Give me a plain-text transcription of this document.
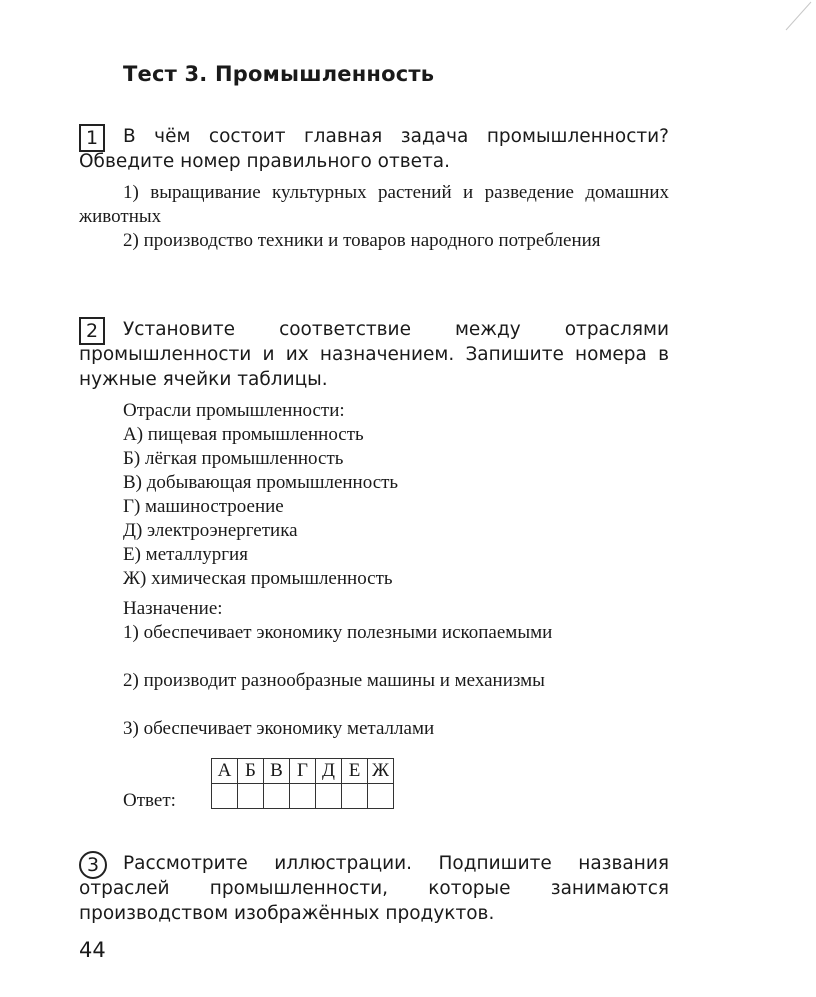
Тест 3. Промышленность
1	В чём состоит главная задача промышленности? Обведите номер правильного ответа.
1) выращивание культурных растений и разведение домашних животных
2) производство техники и товаров народного потребления
2	Установите соответствие между отраслями промышленности и их назначением. Запишите номера в нужные ячейки таблицы.
Отрасли промышленности:
А) пищевая промышленность
Б) лёгкая промышленность
В) добывающая промышленность
Г) машиностроение
Д) электроэнергетика
Е) металлургия
Ж) химическая промышленность
Назначение:
1) обеспечивает экономику полезными ископаемыми
2) производит разнообразные машины и механизмы
3) обеспечивает экономику металлами
Ответ:
А	Б	В	Г	Д	Е	Ж

3	Рассмотрите иллюстрации. Подпишите названия отраслей промышленности, которые занимаются производством изображённых продуктов.
44
